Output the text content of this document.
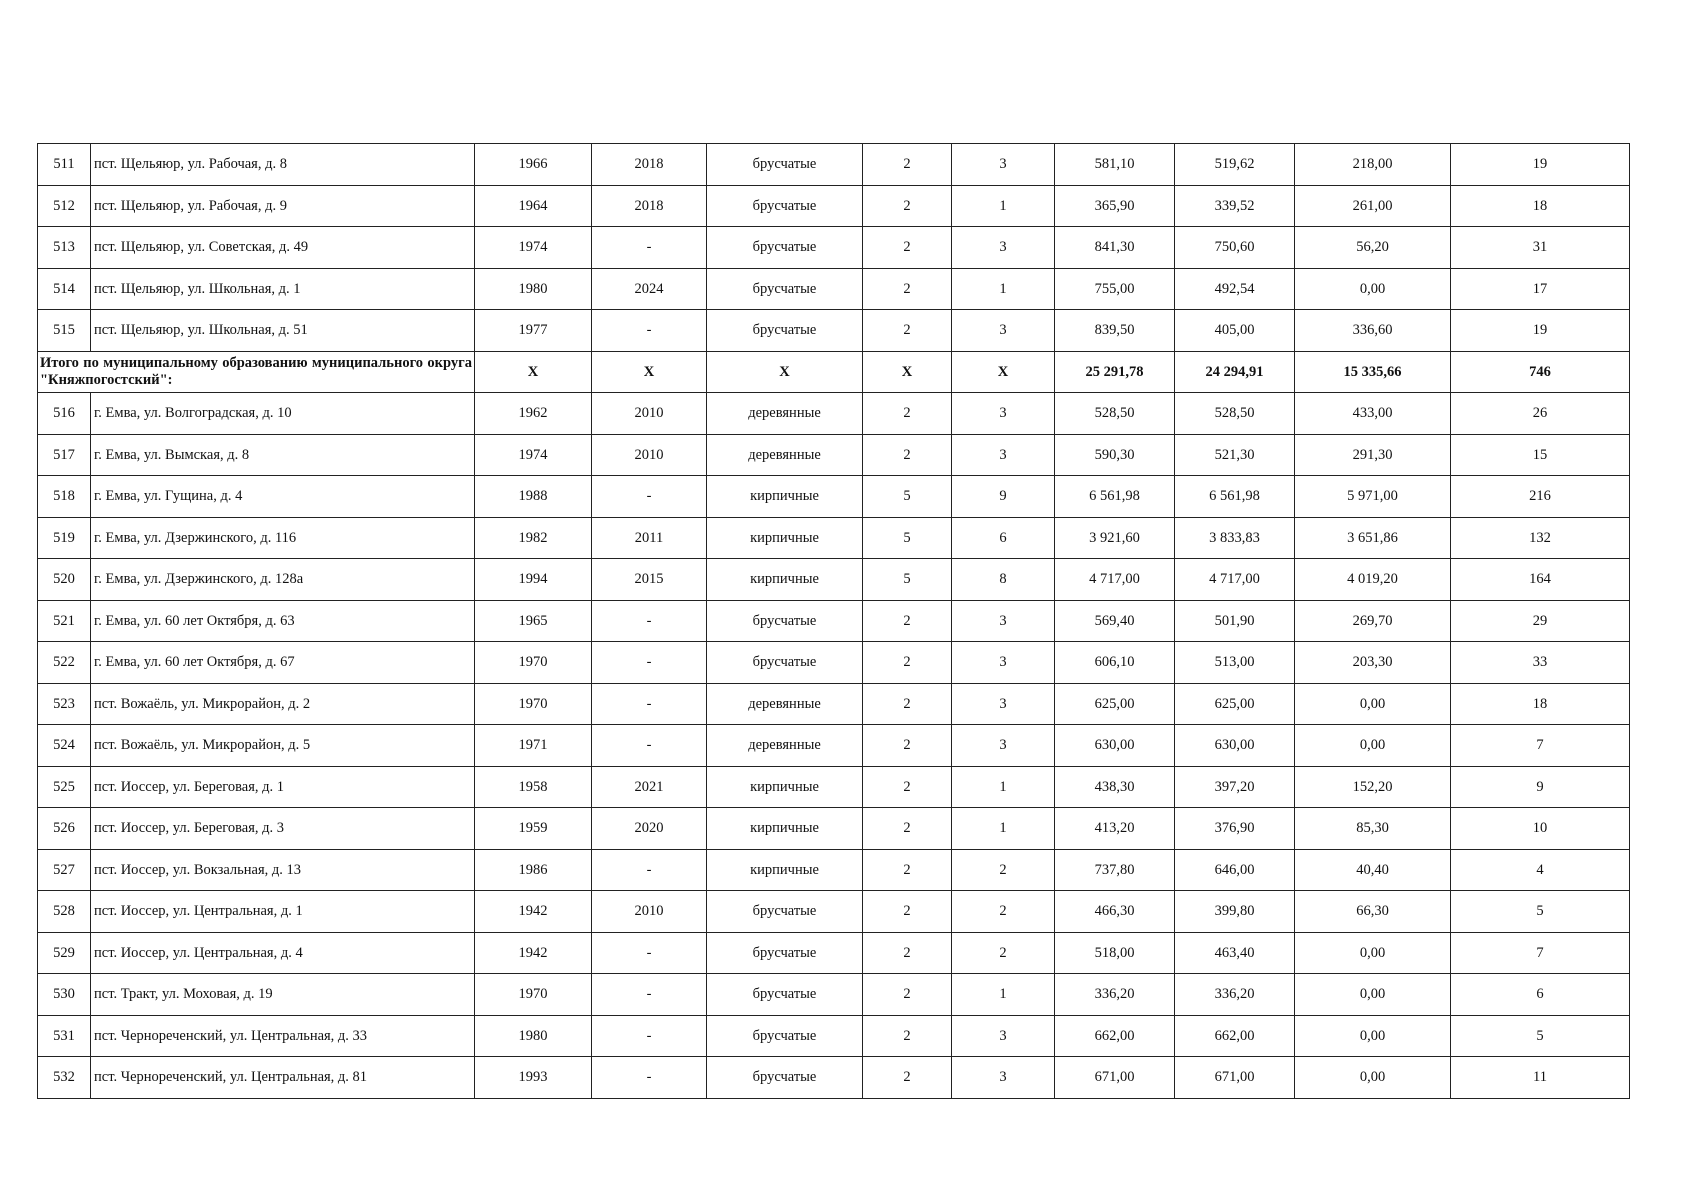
511	пст. Щельяюр, ул. Рабочая, д. 8	1966	2018	брусчатые	2	3	581,10	519,62	218,00	19
512	пст. Щельяюр, ул. Рабочая, д. 9	1964	2018	брусчатые	2	1	365,90	339,52	261,00	18
513	пст. Щельяюр, ул. Советская, д. 49	1974	-	брусчатые	2	3	841,30	750,60	56,20	31
514	пст. Щельяюр, ул. Школьная, д. 1	1980	2024	брусчатые	2	1	755,00	492,54	0,00	17
515	пст. Щельяюр, ул. Школьная, д. 51	1977	-	брусчатые	2	3	839,50	405,00	336,60	19
Итого по муниципальному образованию муниципального округа "Княжпогостский":		X	X	X	X	X	25 291,78	24 294,91	15 335,66	746
516	г. Емва, ул. Волгоградская, д. 10	1962	2010	деревянные	2	3	528,50	528,50	433,00	26
517	г. Емва, ул. Вымская, д. 8	1974	2010	деревянные	2	3	590,30	521,30	291,30	15
518	г. Емва, ул. Гущина, д. 4	1988	-	кирпичные	5	9	6 561,98	6 561,98	5 971,00	216
519	г. Емва, ул. Дзержинского, д. 116	1982	2011	кирпичные	5	6	3 921,60	3 833,83	3 651,86	132
520	г. Емва, ул. Дзержинского, д. 128а	1994	2015	кирпичные	5	8	4 717,00	4 717,00	4 019,20	164
521	г. Емва, ул. 60 лет Октября, д. 63	1965	-	брусчатые	2	3	569,40	501,90	269,70	29
522	г. Емва, ул. 60 лет Октября, д. 67	1970	-	брусчатые	2	3	606,10	513,00	203,30	33
523	пст. Вожаёль, ул. Микрорайон, д. 2	1970	-	деревянные	2	3	625,00	625,00	0,00	18
524	пст. Вожаёль, ул. Микрорайон, д. 5	1971	-	деревянные	2	3	630,00	630,00	0,00	7
525	пст. Иоссер, ул. Береговая, д. 1	1958	2021	кирпичные	2	1	438,30	397,20	152,20	9
526	пст. Иоссер, ул. Береговая, д. 3	1959	2020	кирпичные	2	1	413,20	376,90	85,30	10
527	пст. Иоссер, ул. Вокзальная, д. 13	1986	-	кирпичные	2	2	737,80	646,00	40,40	4
528	пст. Иоссер, ул. Центральная, д. 1	1942	2010	брусчатые	2	2	466,30	399,80	66,30	5
529	пст. Иоссер, ул. Центральная, д. 4	1942	-	брусчатые	2	2	518,00	463,40	0,00	7
530	пст. Тракт, ул. Моховая, д. 19	1970	-	брусчатые	2	1	336,20	336,20	0,00	6
531	пст. Чернореченский, ул. Центральная, д. 33	1980	-	брусчатые	2	3	662,00	662,00	0,00	5
532	пст. Чернореченский, ул. Центральная, д. 81	1993	-	брусчатые	2	3	671,00	671,00	0,00	11
